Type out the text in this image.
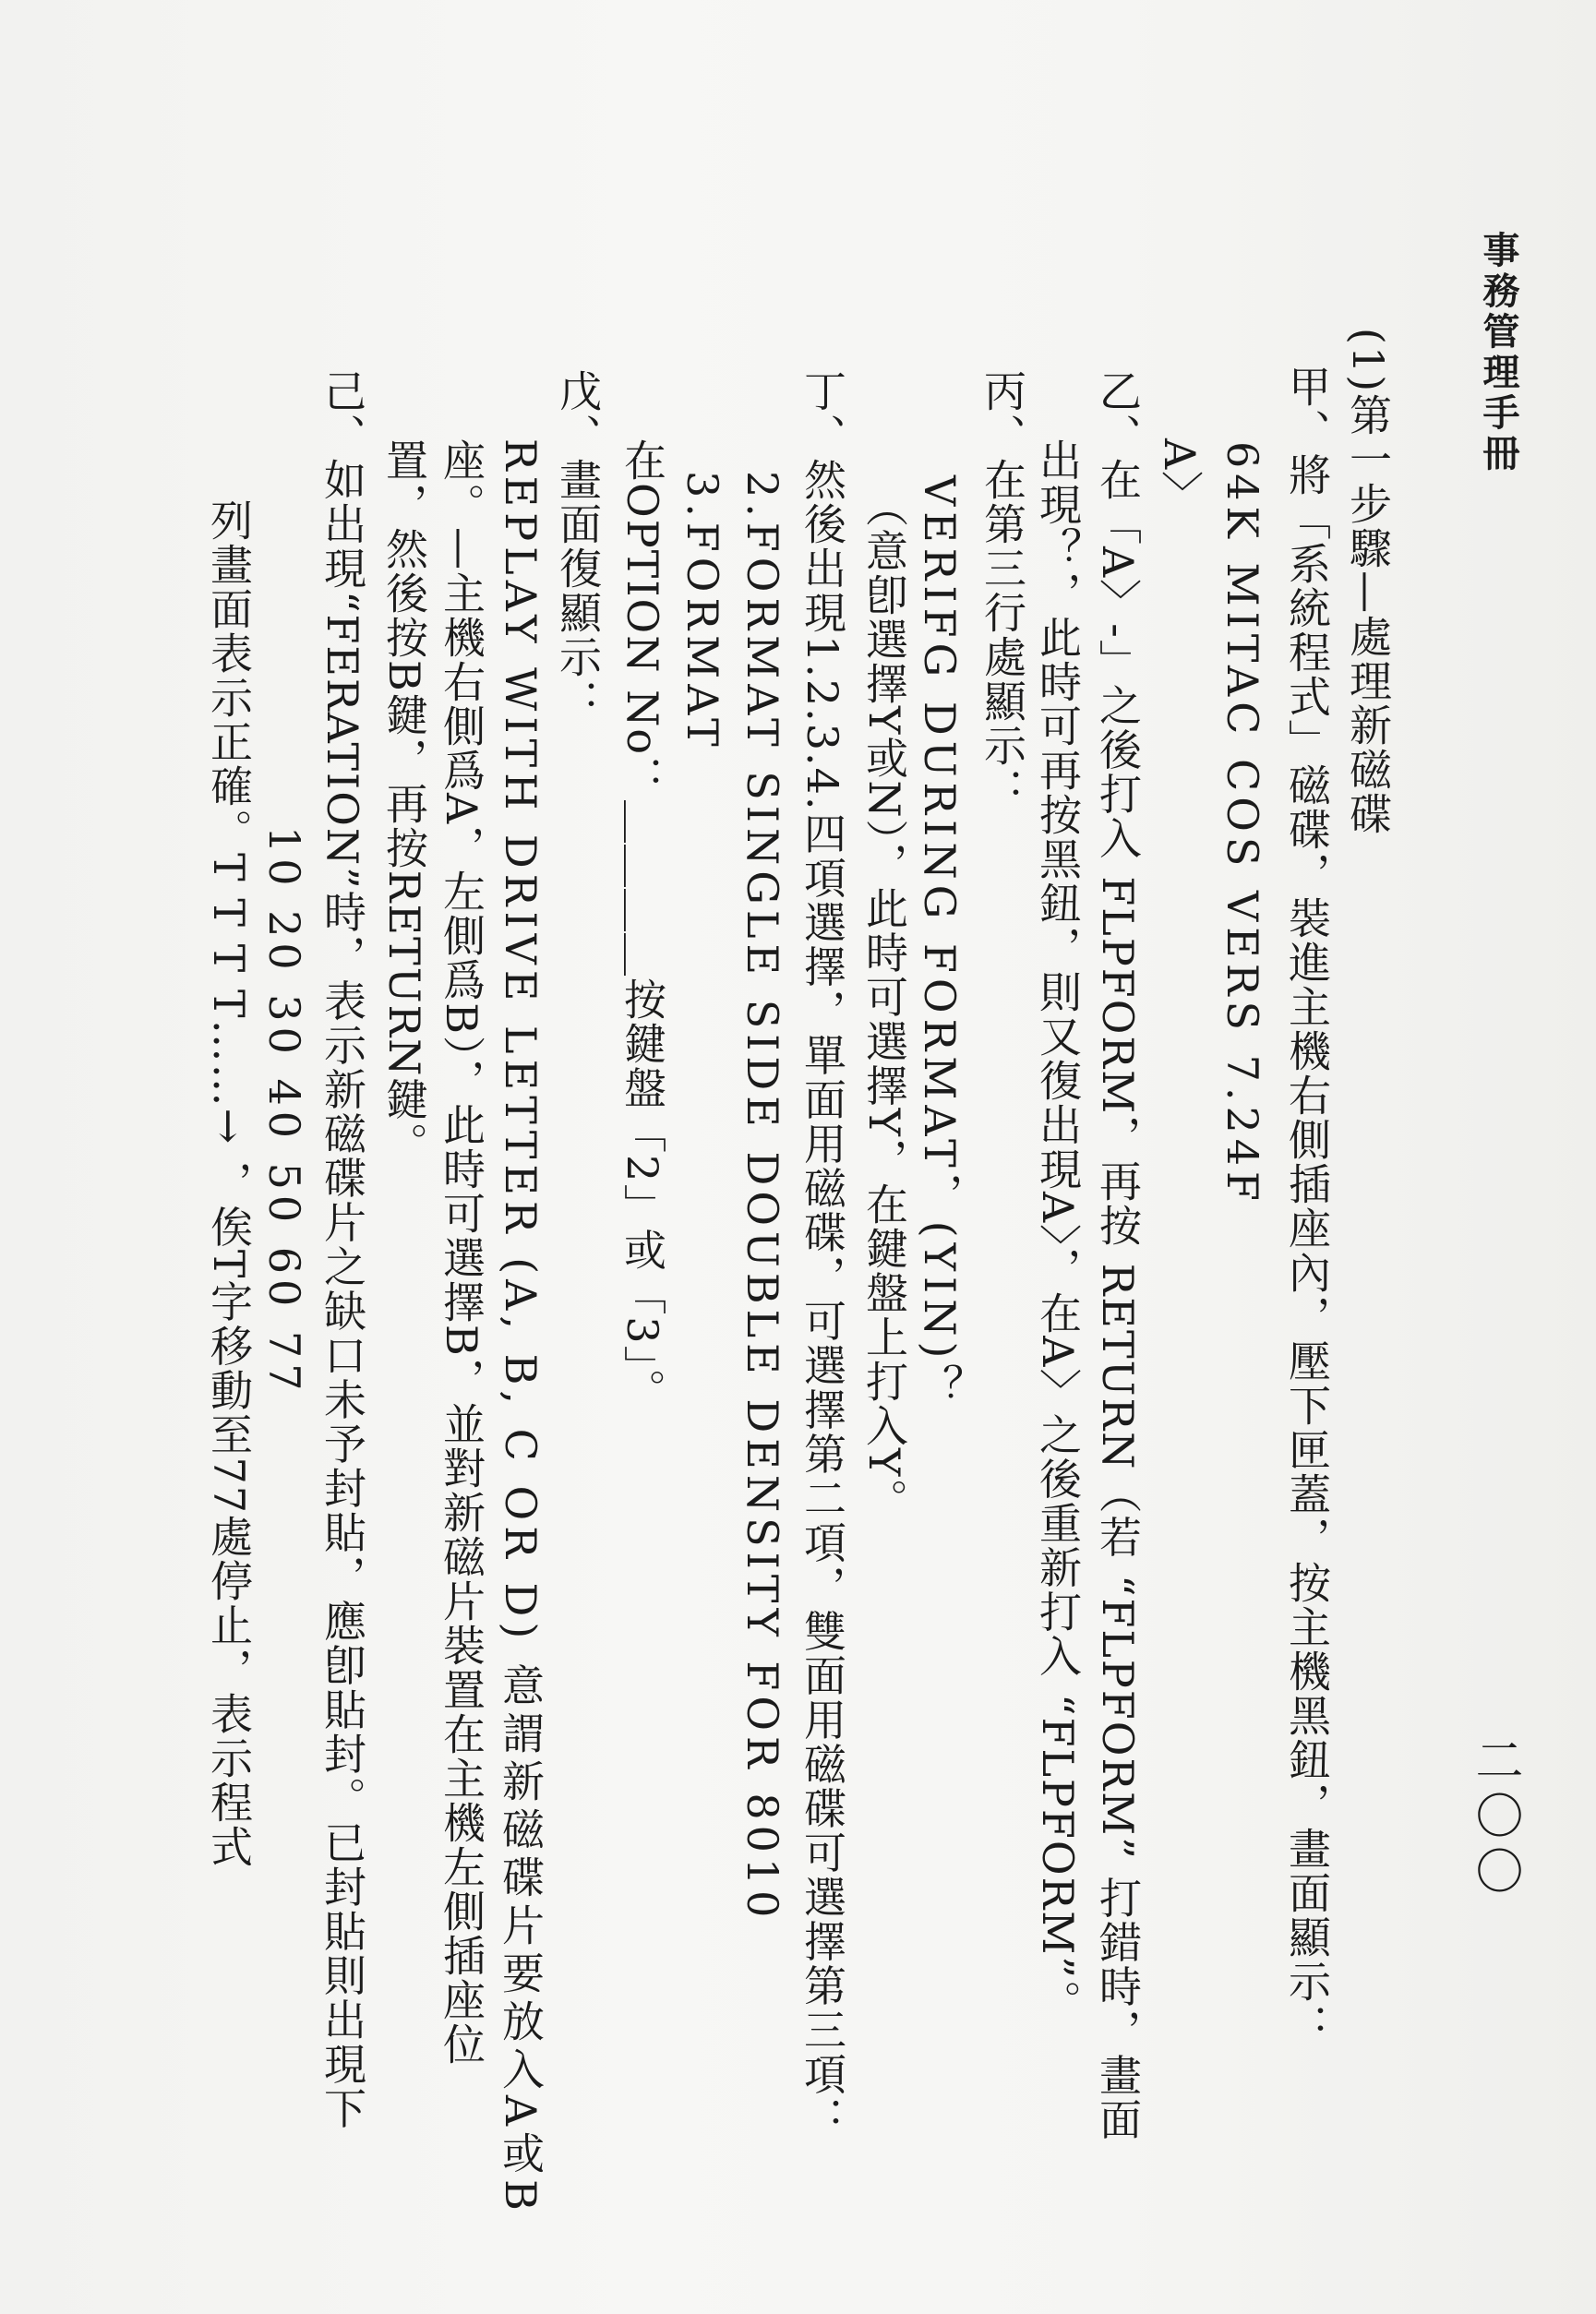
事務管理手冊
二〇〇
(1)第一步驟—處理新磁碟
甲、將「系統程式」磁碟，裝進主機右側插座內，壓下匣蓋，按主機黑鈕，畫面顯示：
64K MITAC COS VERS 7.24F
A〉
乙、在「A〉-」之後打入 FLPFORM，再按 RETURN（若 “FLPFORM” 打錯時，畫面
出現？，此時可再按黑鈕，則又復出現A〉，在A〉之後重新打入 “FLPFORM”。
丙、在第三行處顯示：
VERIFG DURING FORMAT，(YIN)？
（意卽選擇Y或N），此時可選擇Y，在鍵盤上打入Y。
丁、然後出現1.2.3.4.四項選擇，單面用磁碟，可選擇第二項，雙面用磁碟可選擇第三項：
2.FORMAT SINGLE SIDE DOUBLE DENSITY FOR 8010
3.FORMAT
在OPTION No：＿＿＿＿按鍵盤「2」或「3」。
戊、畫面復顯示：
REPLAY WITH DRIVE LETTER (A, B, C OR D) 意謂新磁碟片要放入A或B
座。—主機右側爲A，左側爲B），此時可選擇B，並對新磁片裝置在主機左側插座位
置，然後按B鍵，再按RETURN鍵。
己、如出現“FERATION”時，表示新磁碟片之缺口未予封貼，應卽貼封。已封貼則出現下
10 20 30 40 50 60 77
列畫面表示正確。T T T T……→ ，俟T字移動至77處停止，表示程式
